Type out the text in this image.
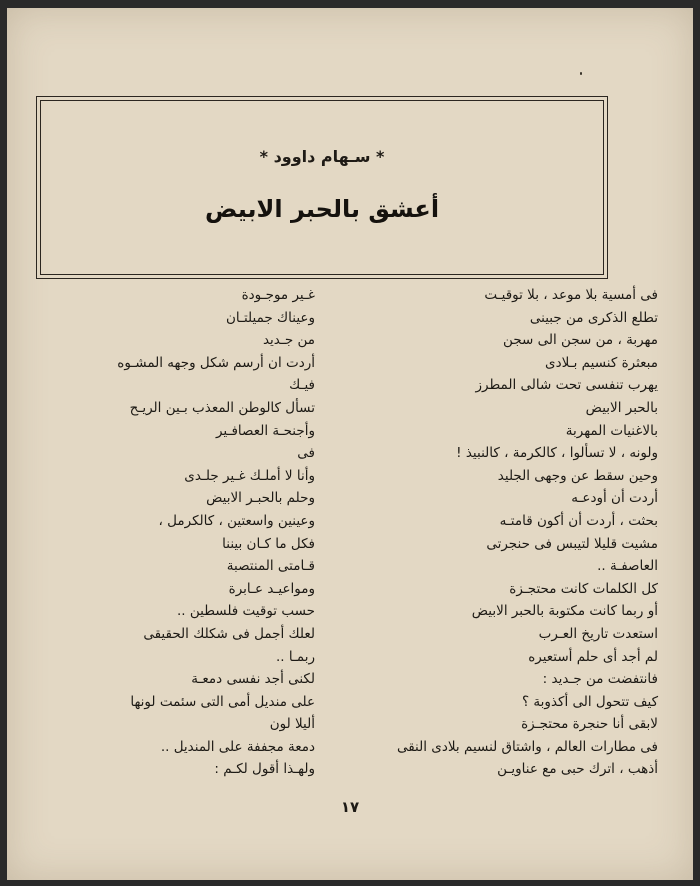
* سـهام داوود *
أعشق بالحبر الابيض
فى أمسية بلا موعد ، بلا توقيـت
تطلع الذكرى من جبينى
مهربة ، من سجن الى سجن
مبعثرة كنسيم بـلادى
يهرب تنفسى تحت شالى المطرز
بالحبر الابيض
بالاغنيات المهربة
ولونه ، لا تسألوا ، كالكرمة ، كالنبيذ !
وحين سقط عن وجهى الجليد
أردت أن أودعـه
بحثت ، أردت أن أكون قامتـه
مشيت قليلا لتيبس فى حنجرتى
العاصفـة ..
كل الكلمات كانت محتجـزة
أو ربما كانت مكتوبة بالحبر الابيض
استعدت تاريخ العـرب
لم أجد أى حلم أستعيره
فانتفضت من جـديد :
كيف تتحول الى أكذوبة ؟
لابقى أنا حنجرة محتجـزة
فى مطارات العالم ، واشتاق لنسيم بلادى النقى
أذهب ، اترك حبى مع عناويـن
غـير موجـودة
وعيناك جميلتـان
من جـديد
أردت ان أرسم شكل وجهه المشـوه
فيـك
تسأل كالوطن المعذب بـين الريـح
وأجنحـة العصافـير
فى
وأنا لا أملـك غـير جلـدى
وحلم بالحبـر الابيض
وعينين واسعتين ، كالكرمل ،
فكل ما كـان بيننا
قـامتى المنتصبة
ومواعيـد عـابرة
حسب توقيت فلسطين ..
لعلك أجمل فى شكلك الحقيقى
ربمـا ..
لكنى أجد نفسى دمعـة
على منديل أمى التى سئمت لونها
أليلا لون
دمعة مجففة على المنديل ..
ولهـذا أقول لكـم :
١٧
